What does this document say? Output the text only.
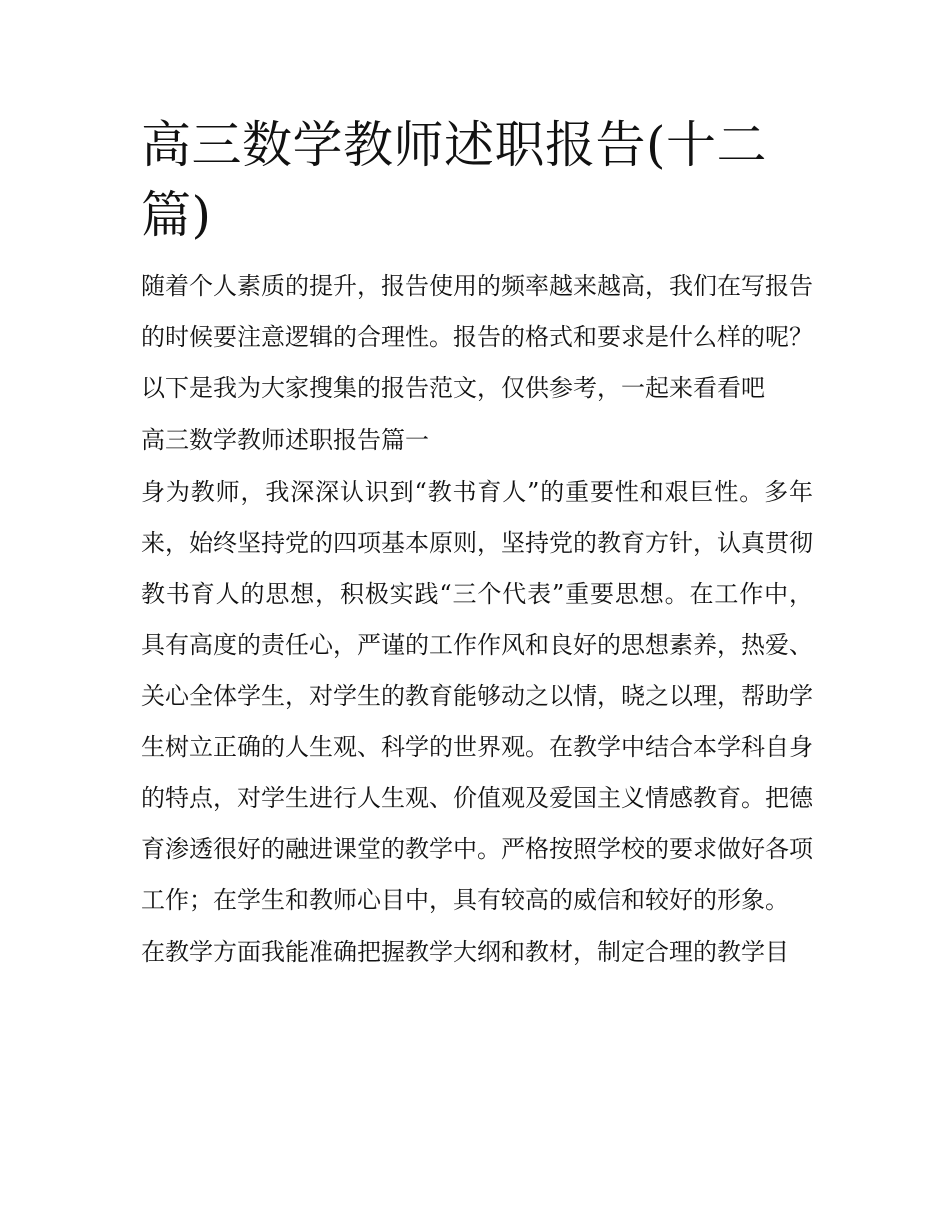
高三数学教师述职报告(十二篇)

随着个人素质的提升，报告使用的频率越来越高，我们在写报告的时候要注意逻辑的合理性。报告的格式和要求是什么样的呢？以下是我为大家搜集的报告范文，仅供参考，一起来看看吧

高三数学教师述职报告篇一

身为教师，我深深认识到“教书育人”的重要性和艰巨性。多年来，始终坚持党的四项基本原则，坚持党的教育方针，认真贯彻教书育人的思想，积极实践“三个代表”重要思想。在工作中，具有高度的责任心，严谨的工作作风和良好的思想素养，热爱、关心全体学生，对学生的教育能够动之以情，晓之以理，帮助学生树立正确的人生观、科学的世界观。在教学中结合本学科自身的特点，对学生进行人生观、价值观及爱国主义情感教育。把德育渗透很好的融进课堂的教学中。严格按照学校的要求做好各项工作；在学生和教师心目中，具有较高的威信和较好的形象。

在教学方面我能准确把握教学大纲和教材，制定合理的教学目
